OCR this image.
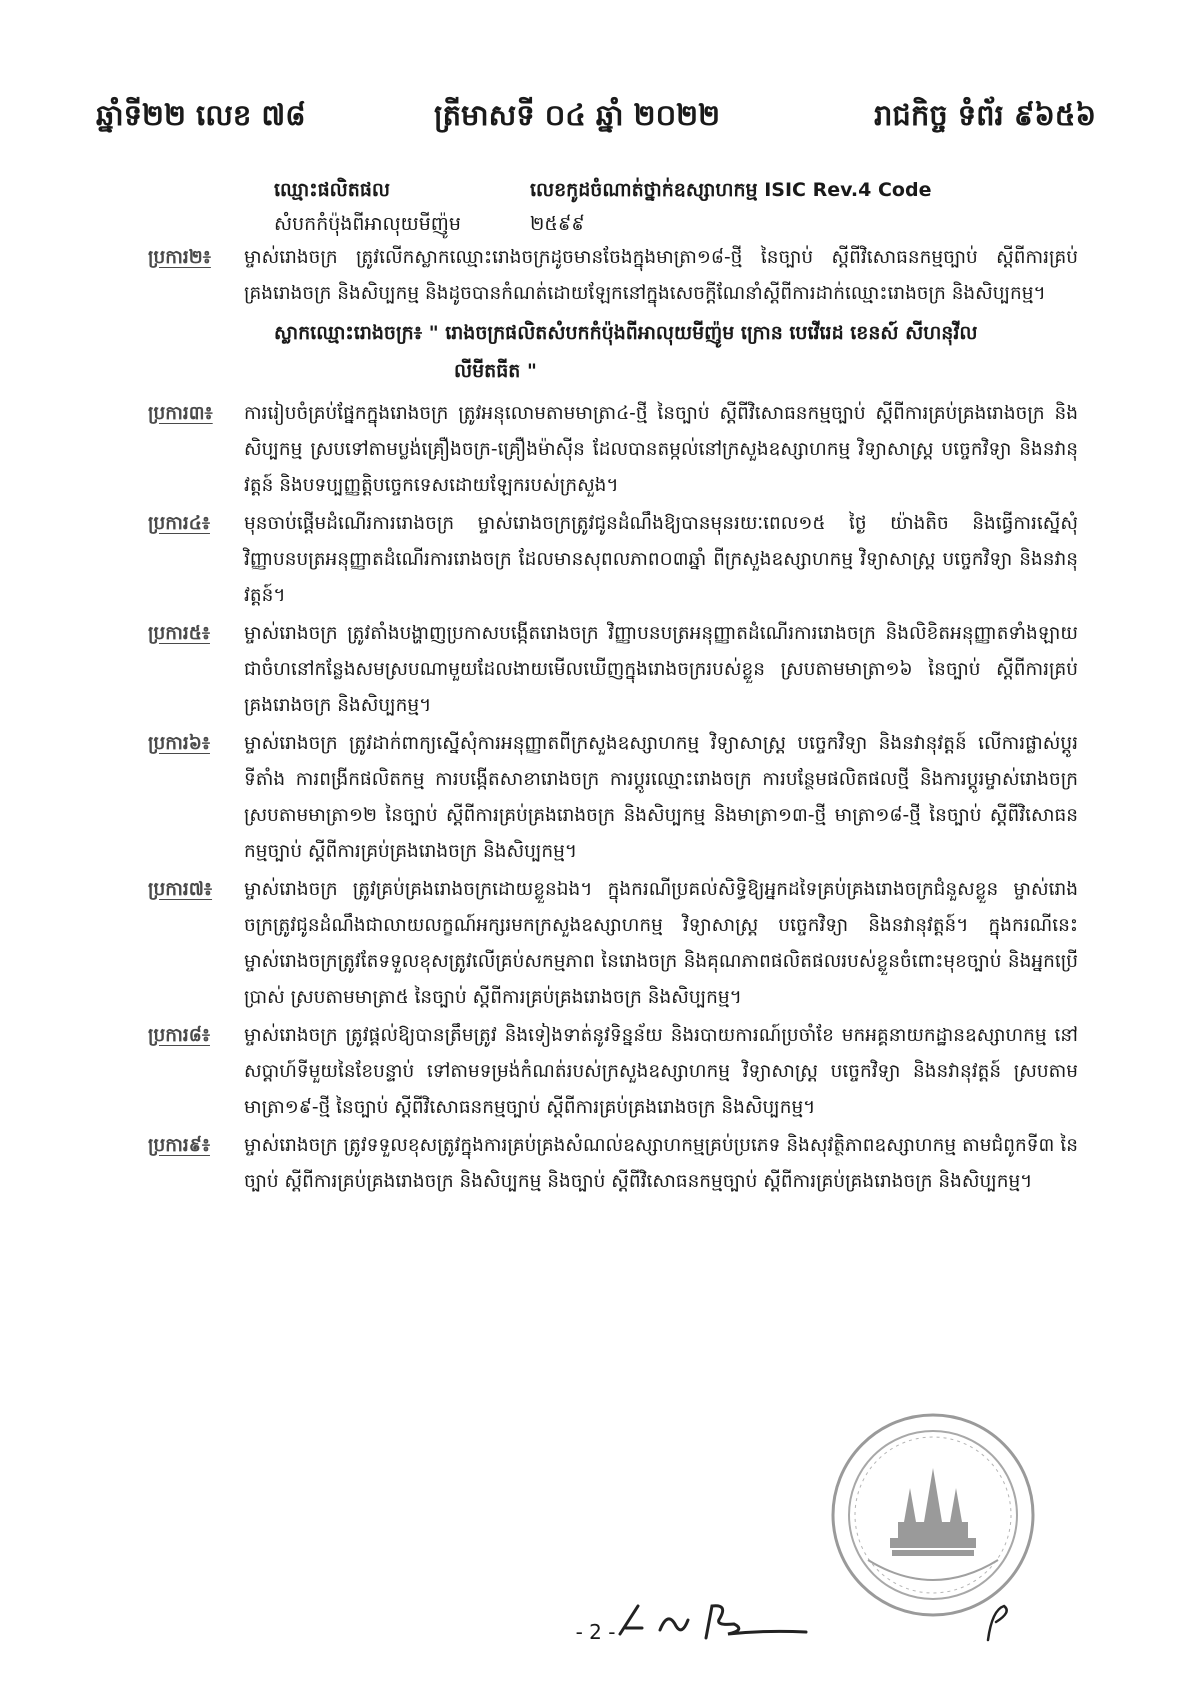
ឆ្នាំទី២២ លេខ ៧៨	ត្រីមាសទី ០៤ ឆ្នាំ ២០២២	រាជកិច្ច ទំព័រ ៩៦៥៦
ឈ្មោះផលិតផល	លេខកូដចំណាត់ថ្នាក់ឧស្សាហកម្ម ISIC Rev.4 Code
សំបកកំប៉ុងពីអាលុយមីញ៉ូម	២៥៩៩
ប្រការ២៖	ម្ចាស់រោងចក្រ ត្រូវលើកស្លាកឈ្មោះរោងចក្រដូចមានចែងក្នុងមាត្រា១៨-ថ្មី នៃច្បាប់ ស្តីពីវិសោធនកម្មច្បាប់ ស្តីពីការគ្រប់គ្រងរោងចក្រ និងសិប្បកម្ម និងដូចបានកំណត់ដោយឡែកនៅក្នុងសេចក្តីណែនាំស្តីពីការដាក់ឈ្មោះរោងចក្រ និងសិប្បកម្ម។
ស្លាកឈ្មោះរោងចក្រ៖ " រោងចក្រផលិតសំបកកំប៉ុងពីអាលុយមីញ៉ូម ក្រោន បេវើរេដ ខេនស៍ សីហនុវីល
លីមីតធីត "
ប្រការ៣៖	ការរៀបចំគ្រប់ផ្នែកក្នុងរោងចក្រ ត្រូវអនុលោមតាមមាត្រា៤-ថ្មី នៃច្បាប់ ស្តីពីវិសោធនកម្មច្បាប់ ស្តីពីការគ្រប់គ្រងរោងចក្រ និងសិប្បកម្ម ស្របទៅតាមប្លង់គ្រឿងចក្រ-គ្រឿងម៉ាស៊ីន ដែលបានតម្កល់នៅក្រសួងឧស្សាហកម្ម វិទ្យាសាស្ត្រ បច្ចេកវិទ្យា និងនវានុវត្តន៍ និងបទប្បញ្ញត្តិបច្ចេកទេសដោយឡែករបស់ក្រសួង។
ប្រការ៤៖	មុនចាប់ផ្តើមដំណើរការរោងចក្រ ម្ចាស់រោងចក្រត្រូវជូនដំណឹងឱ្យបានមុនរយៈពេល១៥ ថ្ងៃ យ៉ាងតិច និងធ្វើការស្នើសុំវិញ្ញាបនបត្រអនុញ្ញាតដំណើរការរោងចក្រ ដែលមានសុពលភាព០៣ឆ្នាំ ពីក្រសួងឧស្សាហកម្ម វិទ្យាសាស្ត្រ បច្ចេកវិទ្យា និងនវានុវត្តន៍។
ប្រការ៥៖	ម្ចាស់រោងចក្រ ត្រូវតាំងបង្ហាញប្រកាសបង្កើតរោងចក្រ វិញ្ញាបនបត្រអនុញ្ញាតដំណើរការរោងចក្រ និងលិខិតអនុញ្ញាតទាំងឡាយ ជាចំហនៅកន្លែងសមស្របណាមួយដែលងាយមើលឃើញក្នុងរោងចក្ររបស់ខ្លួន ស្របតាមមាត្រា១៦ នៃច្បាប់ ស្តីពីការគ្រប់គ្រងរោងចក្រ និងសិប្បកម្ម។
ប្រការ៦៖	ម្ចាស់រោងចក្រ ត្រូវដាក់ពាក្យស្នើសុំការអនុញ្ញាតពីក្រសួងឧស្សាហកម្ម វិទ្យាសាស្ត្រ បច្ចេកវិទ្យា និងនវានុវត្តន៍ លើការផ្លាស់ប្តូរទីតាំង ការពង្រីកផលិតកម្ម ការបង្កើតសាខារោងចក្រ ការប្តូរឈ្មោះរោងចក្រ ការបន្ថែមផលិតផលថ្មី និងការប្តូរម្ចាស់រោងចក្រ ស្របតាមមាត្រា១២ នៃច្បាប់ ស្តីពីការគ្រប់គ្រងរោងចក្រ និងសិប្បកម្ម និងមាត្រា១៣-ថ្មី មាត្រា១៨-ថ្មី នៃច្បាប់ ស្តីពីវិសោធនកម្មច្បាប់ ស្តីពីការគ្រប់គ្រងរោងចក្រ និងសិប្បកម្ម។
ប្រការ៧៖	ម្ចាស់រោងចក្រ ត្រូវគ្រប់គ្រងរោងចក្រដោយខ្លួនឯង។ ក្នុងករណីប្រគល់សិទ្ធិឱ្យអ្នកដទៃគ្រប់គ្រងរោងចក្រជំនួសខ្លួន ម្ចាស់រោងចក្រត្រូវជូនដំណឹងជាលាយលក្ខណ៍អក្សរមកក្រសួងឧស្សាហកម្ម វិទ្យាសាស្ត្រ បច្ចេកវិទ្យា និងនវានុវត្តន៍។ ក្នុងករណីនេះ ម្ចាស់រោងចក្រត្រូវតែទទួលខុសត្រូវលើគ្រប់សកម្មភាព នៃរោងចក្រ និងគុណភាពផលិតផលរបស់ខ្លួនចំពោះមុខច្បាប់ និងអ្នកប្រើប្រាស់ ស្របតាមមាត្រា៥ នៃច្បាប់ ស្តីពីការគ្រប់គ្រងរោងចក្រ និងសិប្បកម្ម។
ប្រការ៨៖	ម្ចាស់រោងចក្រ ត្រូវផ្តល់ឱ្យបានត្រឹមត្រូវ និងទៀងទាត់នូវទិន្នន័យ និងរបាយការណ៍ប្រចាំខែ មកអគ្គនាយកដ្ឋានឧស្សាហកម្ម នៅសប្តាហ៍ទីមួយនៃខែបន្ទាប់ ទៅតាមទម្រង់កំណត់របស់ក្រសួងឧស្សាហកម្ម វិទ្យាសាស្ត្រ បច្ចេកវិទ្យា និងនវានុវត្តន៍ ស្របតាមមាត្រា១៩-ថ្មី នៃច្បាប់ ស្តីពីវិសោធនកម្មច្បាប់ ស្តីពីការគ្រប់គ្រងរោងចក្រ និងសិប្បកម្ម។
ប្រការ៩៖	ម្ចាស់រោងចក្រ ត្រូវទទួលខុសត្រូវក្នុងការគ្រប់គ្រងសំណល់ឧស្សាហកម្មគ្រប់ប្រភេទ និងសុវត្ថិភាពឧស្សាហកម្ម តាមជំពូកទី៣ នៃច្បាប់ ស្តីពីការគ្រប់គ្រងរោងចក្រ និងសិប្បកម្ម និងច្បាប់ ស្តីពីវិសោធនកម្មច្បាប់ ស្តីពីការគ្រប់គ្រងរោងចក្រ និងសិប្បកម្ម។
- 2 -
